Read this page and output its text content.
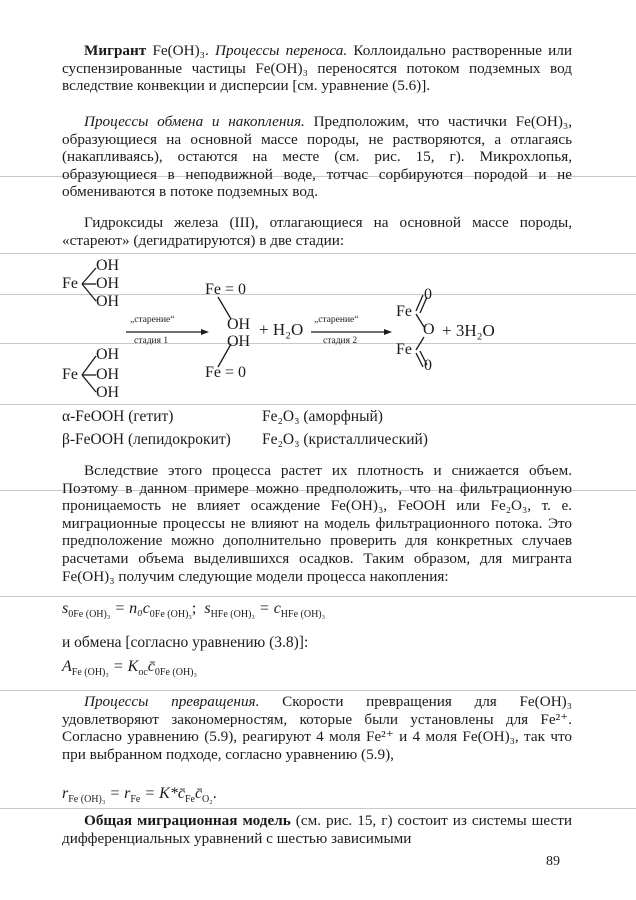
Мигрант Fe(OH)₃. Процессы переноса. Коллоидально растворенные или суспензированные частицы Fe(OH)₃ переносятся потоком подземных вод вследствие конвекции и дисперсии [см. уравнение (5.6)].

Процессы обмена и накопления. Предположим, что частички Fe(OH)₃, образующиеся на основной массе породы, не растворяются, а отлагаясь (накапливаясь), остаются на месте (см. рис. 15, г). Микрохлопья, образующиеся в неподвижной воде, тотчас сорбируются породой и не обмениваются в потоке подземных вод.

Гидроксиды железа (III), отлагающиеся на основной массе породы, «стареют» (дегидратируются) в две стадии:

OH
Fe OH
OH
OH
Fe OH
OH
„старение“
стадия 1
Fe = 0
OH
OH
Fe = 0
+ H₂O „старение“
стадия 2
Fe
Fe
0
O
0
+ 3H₂O
α-FeOOH (гетит)	Fe₂O₃ (аморфный)
β-FeOOH (лепидокрокит) Fe₂O₃ (кристаллический)

Вследствие этого процесса растет их плотность и снижается объем. Поэтому в данном примере можно предположить, что на фильтрационную проницаемость не влияет осаждение Fe(OH)₃, FeOOH или Fe₂O₃, т. е. миграционные процессы не влияют на модель фильтрационного потока. Это предположение можно дополнительно проверить для конкретных случаев расчетами объема выделившихся осадков. Таким образом, для мигранта Fe(OH)₃ получим следующие модели процесса накопления:

$s_{0Fe (OH)_3} = n_0c_{0Fe (OH)_3}$; $s_{HFe (OH)_3} = c_{HFe (OH)_3}$
и обмена [согласно уравнению (3.8)]:
$A_{Fe (OH)_3}$ = $K_{oc}c̄_{0Fe (OH)_3}$

Процессы превращения. Скорости превращения для Fe(OH)₃ удовлетворяют закономерностям, которые были установлены для Fe²⁺. Согласно уравнению (5.9), реагируют 4 моля Fe²⁺ и 4 моля Fe(OH)₃, так что при выбранном подходе, согласно уравнению (5.9),

$r_{Fe (OH)_3} = r_{Fe}$ = $K*c̄_{Fe}c̄_{O_2}$.

Общая миграционная модель (см. рис. 15, г) состоит из системы шести дифференциальных уравнений с шестью зависимыми

89
